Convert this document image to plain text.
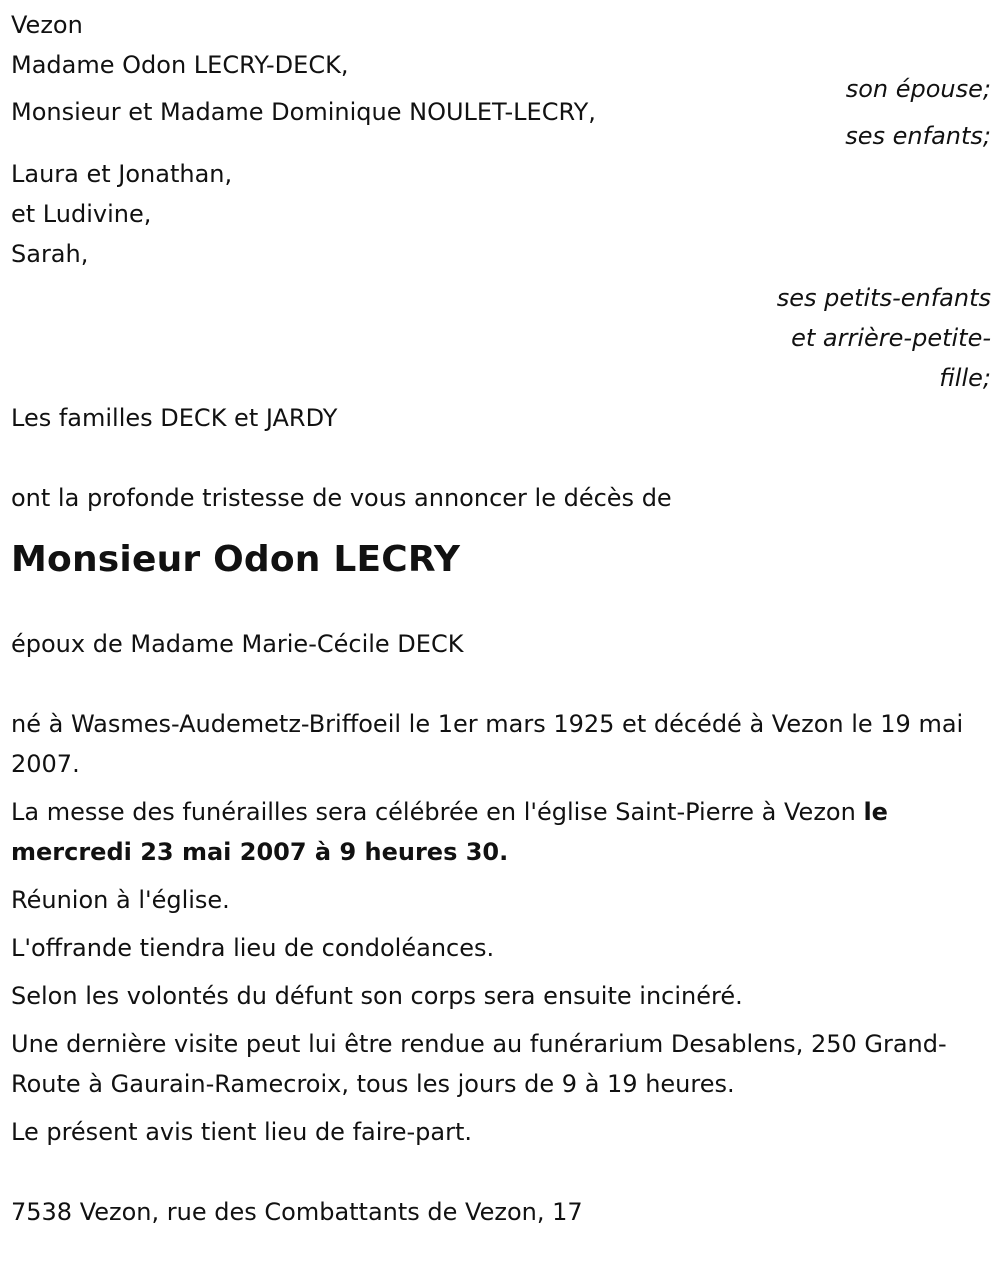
Vezon
Madame Odon LECRY-DECK,
son épouse;
Monsieur et Madame Dominique NOULET-LECRY,
ses enfants;
Laura et Jonathan,
et Ludivine,
Sarah,
ses petits-enfants
et arrière-petite-
fille;
Les familles DECK et JARDY
ont la profonde tristesse de vous annoncer le décès de
Monsieur Odon LECRY
époux de Madame Marie-Cécile DECK
né à Wasmes-Audemetz-Briffoeil le 1er mars 1925 et décédé à Vezon le 19 mai 2007.
La messe des funérailles sera célébrée en l'église Saint-Pierre à Vezon le mercredi 23 mai 2007 à 9 heures 30.
Réunion à l'église.
L'offrande tiendra lieu de condoléances.
Selon les volontés du défunt son corps sera ensuite incinéré.
Une dernière visite peut lui être rendue au funérarium Desablens, 250 Grand-Route à Gaurain-Ramecroix, tous les jours de 9 à 19 heures.
Le présent avis tient lieu de faire-part.
7538 Vezon, rue des Combattants de Vezon, 17
